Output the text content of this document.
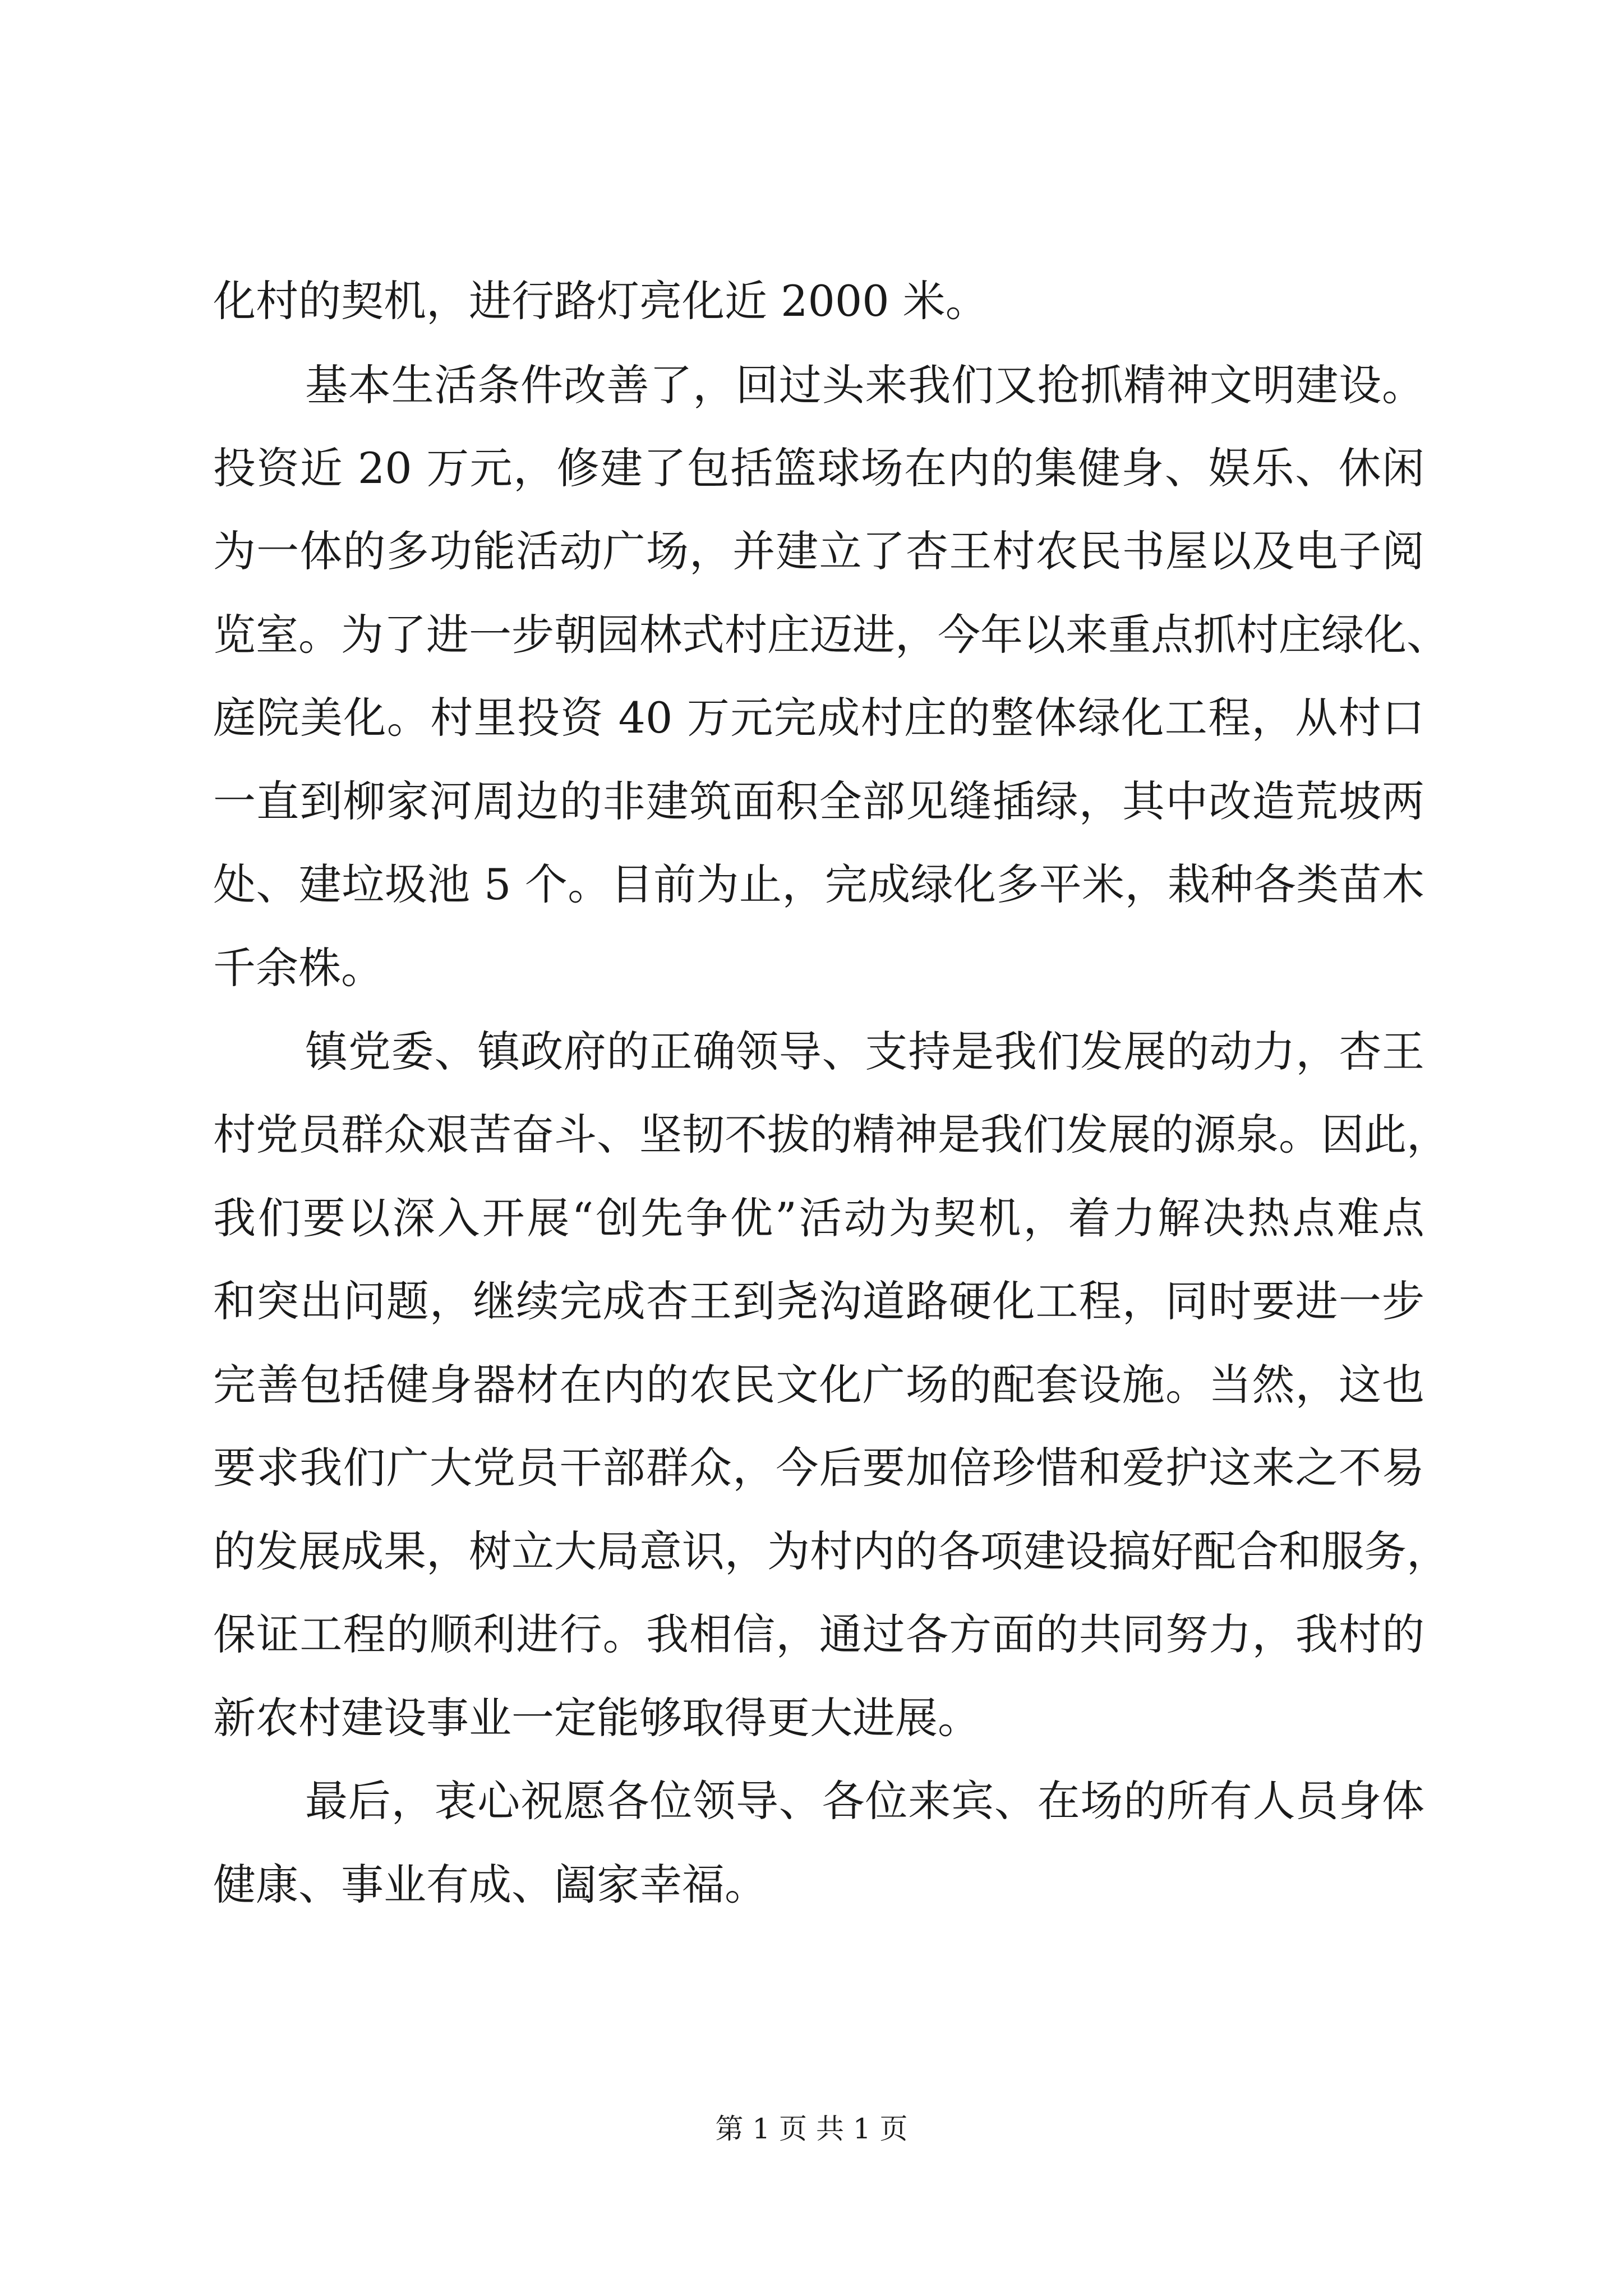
化村的契机，进行路灯亮化近 2000 米。
基本生活条件改善了，回过头来我们又抢抓精神文明建设。
投资近 20 万元，修建了包括篮球场在内的集健身、娱乐、休闲
为一体的多功能活动广场，并建立了杏王村农民书屋以及电子阅
览室。为了进一步朝园林式村庄迈进，今年以来重点抓村庄绿化、
庭院美化。村里投资 40 万元完成村庄的整体绿化工程，从村口
一直到柳家河周边的非建筑面积全部见缝插绿，其中改造荒坡两
处、建垃圾池 5 个。目前为止，完成绿化多平米，栽种各类苗木
千余株。
镇党委、镇政府的正确领导、支持是我们发展的动力，杏王
村党员群众艰苦奋斗、坚韧不拔的精神是我们发展的源泉。因此，
我们要以深入开展“创先争优”活动为契机，着力解决热点难点
和突出问题，继续完成杏王到尧沟道路硬化工程，同时要进一步
完善包括健身器材在内的农民文化广场的配套设施。当然，这也
要求我们广大党员干部群众，今后要加倍珍惜和爱护这来之不易
的发展成果，树立大局意识，为村内的各项建设搞好配合和服务，
保证工程的顺利进行。我相信，通过各方面的共同努力，我村的
新农村建设事业一定能够取得更大进展。
最后，衷心祝愿各位领导、各位来宾、在场的所有人员身体
健康、事业有成、阖家幸福。
第 1 页 共 1 页
